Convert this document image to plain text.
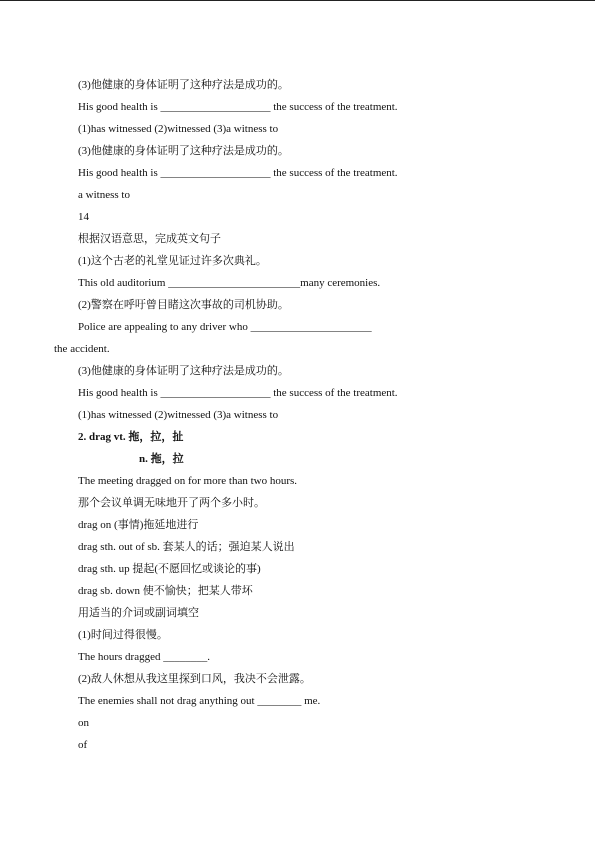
(3)他健康的身体证明了这种疗法是成功的。
His good health is ____________________ the success of the treatment.
(1)has witnessed (2)witnessed (3)a witness to
(3)他健康的身体证明了这种疗法是成功的。
His good health is ____________________ the success of the treatment.
a witness to
14
根据汉语意思，完成英文句子
(1)这个古老的礼堂见证过许多次典礼。
This old auditorium ________________________many ceremonies.
(2)警察在呼吁曾目睹这次事故的司机协助。
Police are appealing to any driver who ______________________
the accident.
(3)他健康的身体证明了这种疗法是成功的。
His good health is ____________________ the success of the treatment.
(1)has witnessed (2)witnessed (3)a witness to
2. drag vt. 拖，拉，扯
n. 拖，拉
The meeting dragged on for more than two hours.
那个会议单调无味地开了两个多小时。
drag on (事情)拖延地进行
drag sth. out of sb. 套某人的话；强迫某人说出
drag sth. up 提起(不愿回忆或谈论的事)
drag sb. down 使不愉快；把某人带坏
用适当的介词或副词填空
(1)时间过得很慢。
The hours dragged ________.
(2)敌人休想从我这里探到口风，我决不会泄露。
The enemies shall not drag anything out ________ me.
on
of
